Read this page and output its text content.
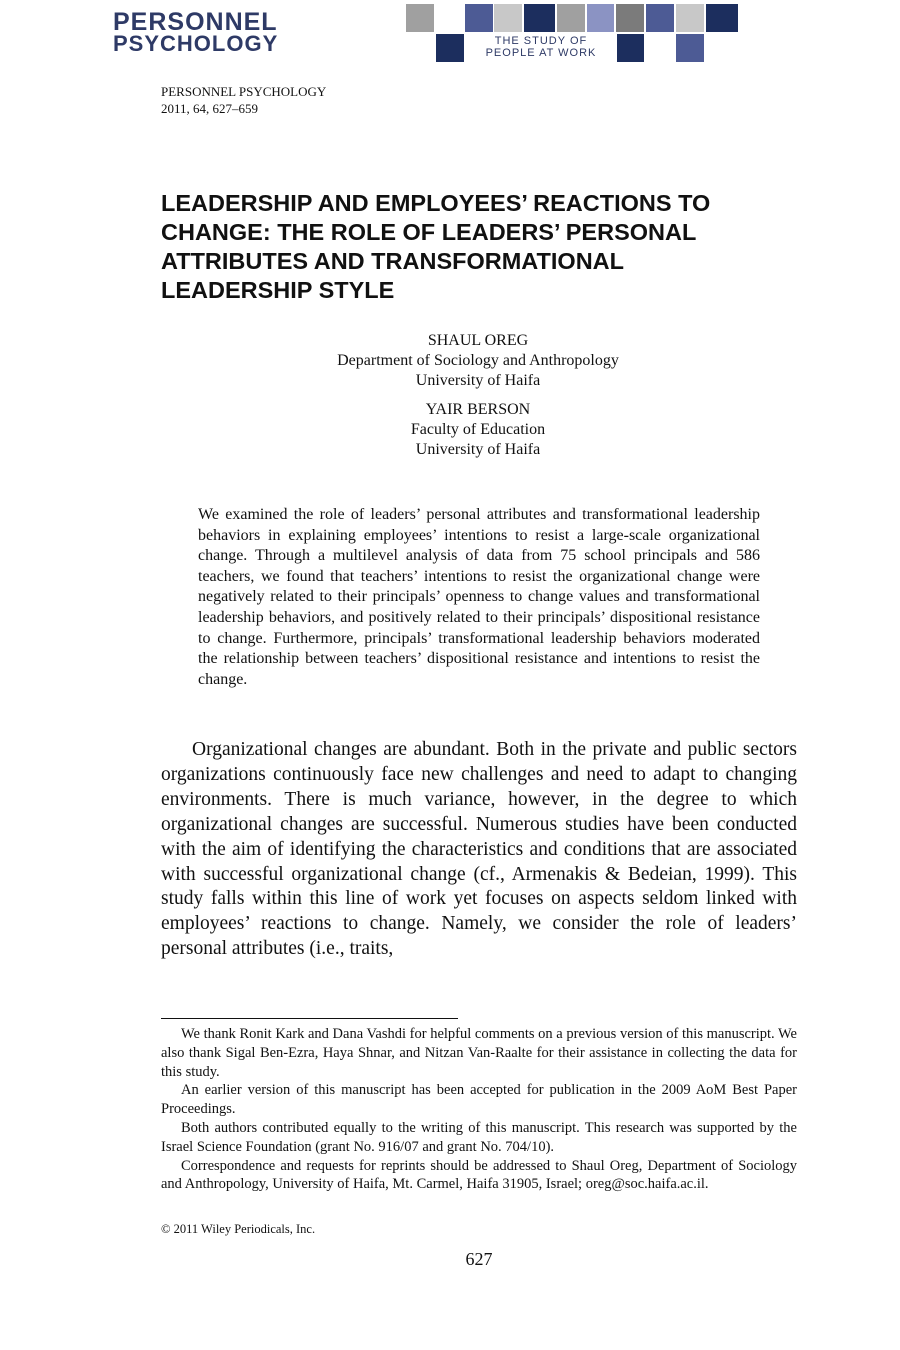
PERSONNEL
PSYCHOLOGY	THE STUDY OF
PEOPLE AT WORK
PERSONNEL PSYCHOLOGY
2011, 64, 627–659
LEADERSHIP AND EMPLOYEES’ REACTIONS TO CHANGE: THE ROLE OF LEADERS’ PERSONAL ATTRIBUTES AND TRANSFORMATIONAL LEADERSHIP STYLE
SHAUL OREG
Department of Sociology and Anthropology
University of Haifa
YAIR BERSON
Faculty of Education
University of Haifa

We examined the role of leaders’ personal attributes and transformational leadership behaviors in explaining employees’ intentions to resist a large-scale organizational change. Through a multilevel analysis of data from 75 school principals and 586 teachers, we found that teachers’ intentions to resist the organizational change were negatively related to their principals’ openness to change values and transformational leadership behaviors, and positively related to their principals’ dispositional resistance to change. Furthermore, principals’ transformational leadership behaviors moderated the relationship between teachers’ dispositional resistance and intentions to resist the change.

Organizational changes are abundant. Both in the private and public sectors organizations continuously face new challenges and need to adapt to changing environments. There is much variance, however, in the degree to which organizational changes are successful. Numerous studies have been conducted with the aim of identifying the characteristics and conditions that are associated with successful organizational change (cf., Armenakis & Bedeian, 1999). This study falls within this line of work yet focuses on aspects seldom linked with employees’ reactions to change. Namely, we consider the role of leaders’ personal attributes (i.e., traits,

We thank Ronit Kark and Dana Vashdi for helpful comments on a previous version of this manuscript. We also thank Sigal Ben-Ezra, Haya Shnar, and Nitzan Van-Raalte for their assistance in collecting the data for this study.

An earlier version of this manuscript has been accepted for publication in the 2009 AoM Best Paper Proceedings.

Both authors contributed equally to the writing of this manuscript. This research was supported by the Israel Science Foundation (grant No. 916/07 and grant No. 704/10).

Correspondence and requests for reprints should be addressed to Shaul Oreg, Department of Sociology and Anthropology, University of Haifa, Mt. Carmel, Haifa 31905, Israel; oreg@soc.haifa.ac.il.

© 2011 Wiley Periodicals, Inc.
627
